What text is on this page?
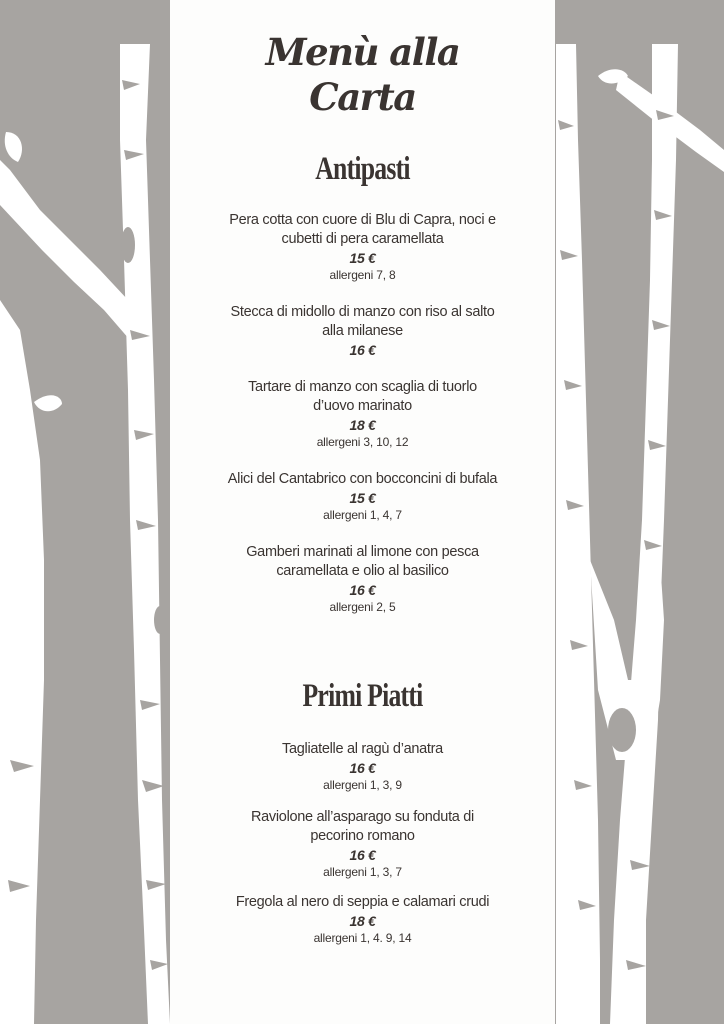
Menù alla
Carta
Antipasti
Pera cotta con cuore di Blu di Capra, noci e
cubetti di pera caramellata
15 €
allergeni 7, 8
Stecca di midollo di manzo con riso al salto
alla milanese
16 €
Tartare di manzo con scaglia di tuorlo
d’uovo marinato
18 €
allergeni 3, 10, 12
Alici del Cantabrico con bocconcini di bufala
15 €
allergeni 1, 4, 7
Gamberi marinati al limone con pesca
caramellata e olio al basilico
16 €
allergeni 2, 5
Primi Piatti
Tagliatelle al ragù d’anatra
16 €
allergeni 1, 3, 9
Raviolone all’asparago su fonduta di
pecorino romano
16 €
allergeni 1, 3, 7
Fregola al nero di seppia e calamari crudi
18 €
allergeni 1, 4. 9, 14
